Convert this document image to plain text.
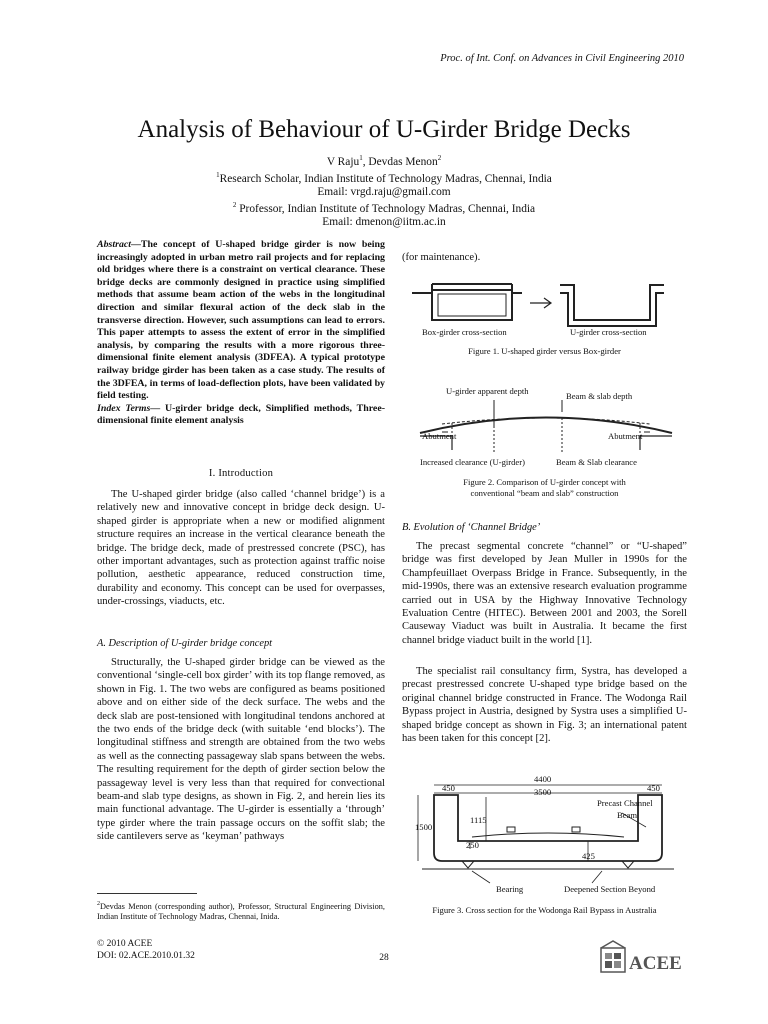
Proc. of Int. Conf. on Advances in Civil Engineering 2010
Analysis of Behaviour of U-Girder Bridge Decks
V Raju$^1$, Devdas Menon$^2$
$^1$Research Scholar, Indian Institute of Technology Madras, Chennai, India
Email: vrgd.raju@gmail.com
$^2$ Professor, Indian Institute of Technology Madras, Chennai, India
Email: dmenon@iitm.ac.in
Abstract—The concept of U-shaped bridge girder is now being increasingly adopted in urban metro rail projects and for replacing old bridges where there is a constraint on vertical clearance. These bridge decks are commonly designed in practice using simplified methods that assume beam action of the webs in the longitudinal direction and similar flexural action of the deck slab in the transverse direction. However, such assumptions can lead to errors. This paper attempts to assess the extent of error in the simplified analysis, by comparing the results with a more rigorous three-dimensional finite element analysis (3DFEA). A typical prototype railway bridge girder has been taken as a case study. The results of the 3DFEA, in terms of load-deflection plots, have been validated by field testing.
Index Terms— U-girder bridge deck, Simplified methods, Three-dimensional finite element analysis
I. Introduction

The U-shaped girder bridge (also called ‘channel bridge’) is a relatively new and innovative concept in bridge deck design. U-shaped girder is appropriate when a new or modified alignment structure requires an increase in the vertical clearance beneath the bridge. The bridge deck, made of prestressed concrete (PSC), has other important advantages, such as protection against traffic noise pollution, aesthetic appearance, reduced construction time, durability and economy. This concept can be used for overpasses, under-crossings, viaducts, etc.

A. Description of U-girder bridge concept

Structurally, the U-shaped girder bridge can be viewed as the conventional ‘single-cell box girder’ with its top flange removed, as shown in Fig. 1. The two webs are configured as beams positioned above and on either side of the deck surface. The webs and the deck slab are post-tensioned with longitudinal tendons anchored at the two ends of the bridge deck (with suitable ‘end blocks’). The longitudinal stiffness and strength are obtained from the two webs as well as the connecting passageway slab spans between the webs. The resulting requirement for the depth of girder section below the passageway level is very less than that required for convectional beam-and slab type designs, as shown in Fig. 2, and herein lies its main functional advantage. The U-girder is essentially a ‘through’ type girder where the train passage occurs on the soffit slab; the side cantilevers serve as ‘keyman’ pathways

$^2$Devdas Menon (corresponding author), Professor, Structural Engineering Division, Indian Institute of Technology Madras, Chennai, Inida.
© 2010 ACEE
DOI: 02.ACE.2010.01.32	28	ACEE
(for maintenance).
Box-girder cross-section	U-girder cross-section
Figure 1. U-shaped girder versus Box-girder
U-girder apparent depth	Beam & slab depth
Abutment	Abutment
Increased clearance (U-girder)	Beam & Slab clearance
Figure 2. Comparison of U-girder concept with
conventional “beam and slab” construction
B. Evolution of ‘Channel Bridge’

The precast segmental concrete “channel” or “U-shaped” bridge was first developed by Jean Muller in 1990s for the Champfeuillaet Overpass Bridge in France. Subsequently, in the mid-1990s, there was an extensive research evaluation programme carried out in USA by the Highway Innovative Technology Evaluation Centre (HITEC). Between 2001 and 2003, the Sorell Causeway Viaduct was built in Australia. It became the first channel bridge viaduct built in the world [1].

The specialist rail consultancy firm, Systra, has developed a precast prestressed concrete U-shaped type bridge based on the original channel bridge constructed in France. The Wodonga Rail Bypass project in Austria, designed by Systra uses a simplified U-shaped bridge concept as shown in Fig. 3; an international patent has been taken for this concept [2].

4400
450	3500	450
Precast Channel
Beam
1115
1500
250
425
Bearing	Deepened Section Beyond
Figure 3. Cross section for the Wodonga Rail Bypass in Australia
